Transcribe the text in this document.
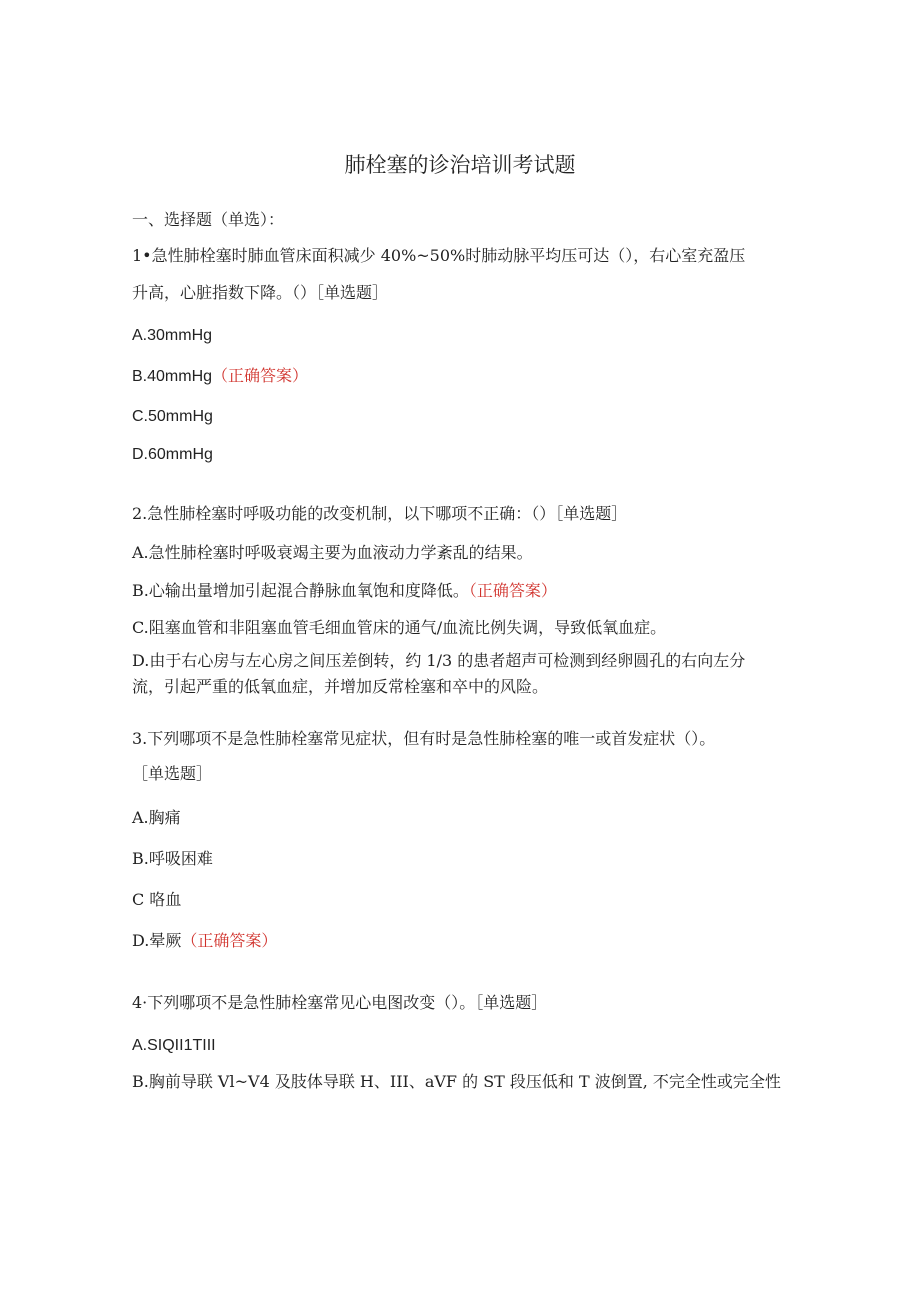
肺栓塞的诊治培训考试题
一、选择题（单选）：
1•急性肺栓塞时肺血管床面积减少 40%~50%时肺动脉平均压可达（），右心室充盈压
升高，心脏指数下降。（）［单选题］
A.30mmHg
B.40mmHg（正确答案）
C.50mmHg
D.60mmHg
2.急性肺栓塞时呼吸功能的改变机制，以下哪项不正确：（）［单选题］
A.急性肺栓塞时呼吸衰竭主要为血液动力学紊乱的结果。
B.心输出量增加引起混合静脉血氧饱和度降低。（正确答案）
C.阻塞血管和非阻塞血管毛细血管床的通气/血流比例失调，导致低氧血症。
D.由于右心房与左心房之间压差倒转，约 1/3 的患者超声可检测到经卵圆孔的右向左分
流，引起严重的低氧血症，并增加反常栓塞和卒中的风险。
3.下列哪项不是急性肺栓塞常见症状，但有时是急性肺栓塞的唯一或首发症状（）。
［单选题］
A.胸痛
B.呼吸困难
C 咯血
D.晕厥（正确答案）
4·下列哪项不是急性肺栓塞常见心电图改变（）。［单选题］
A.SIQII1TIII
B.胸前导联 Vl~V4 及肢体导联 H、III、aVF 的 ST 段压低和 T 波倒置, 不完全性或完全性
